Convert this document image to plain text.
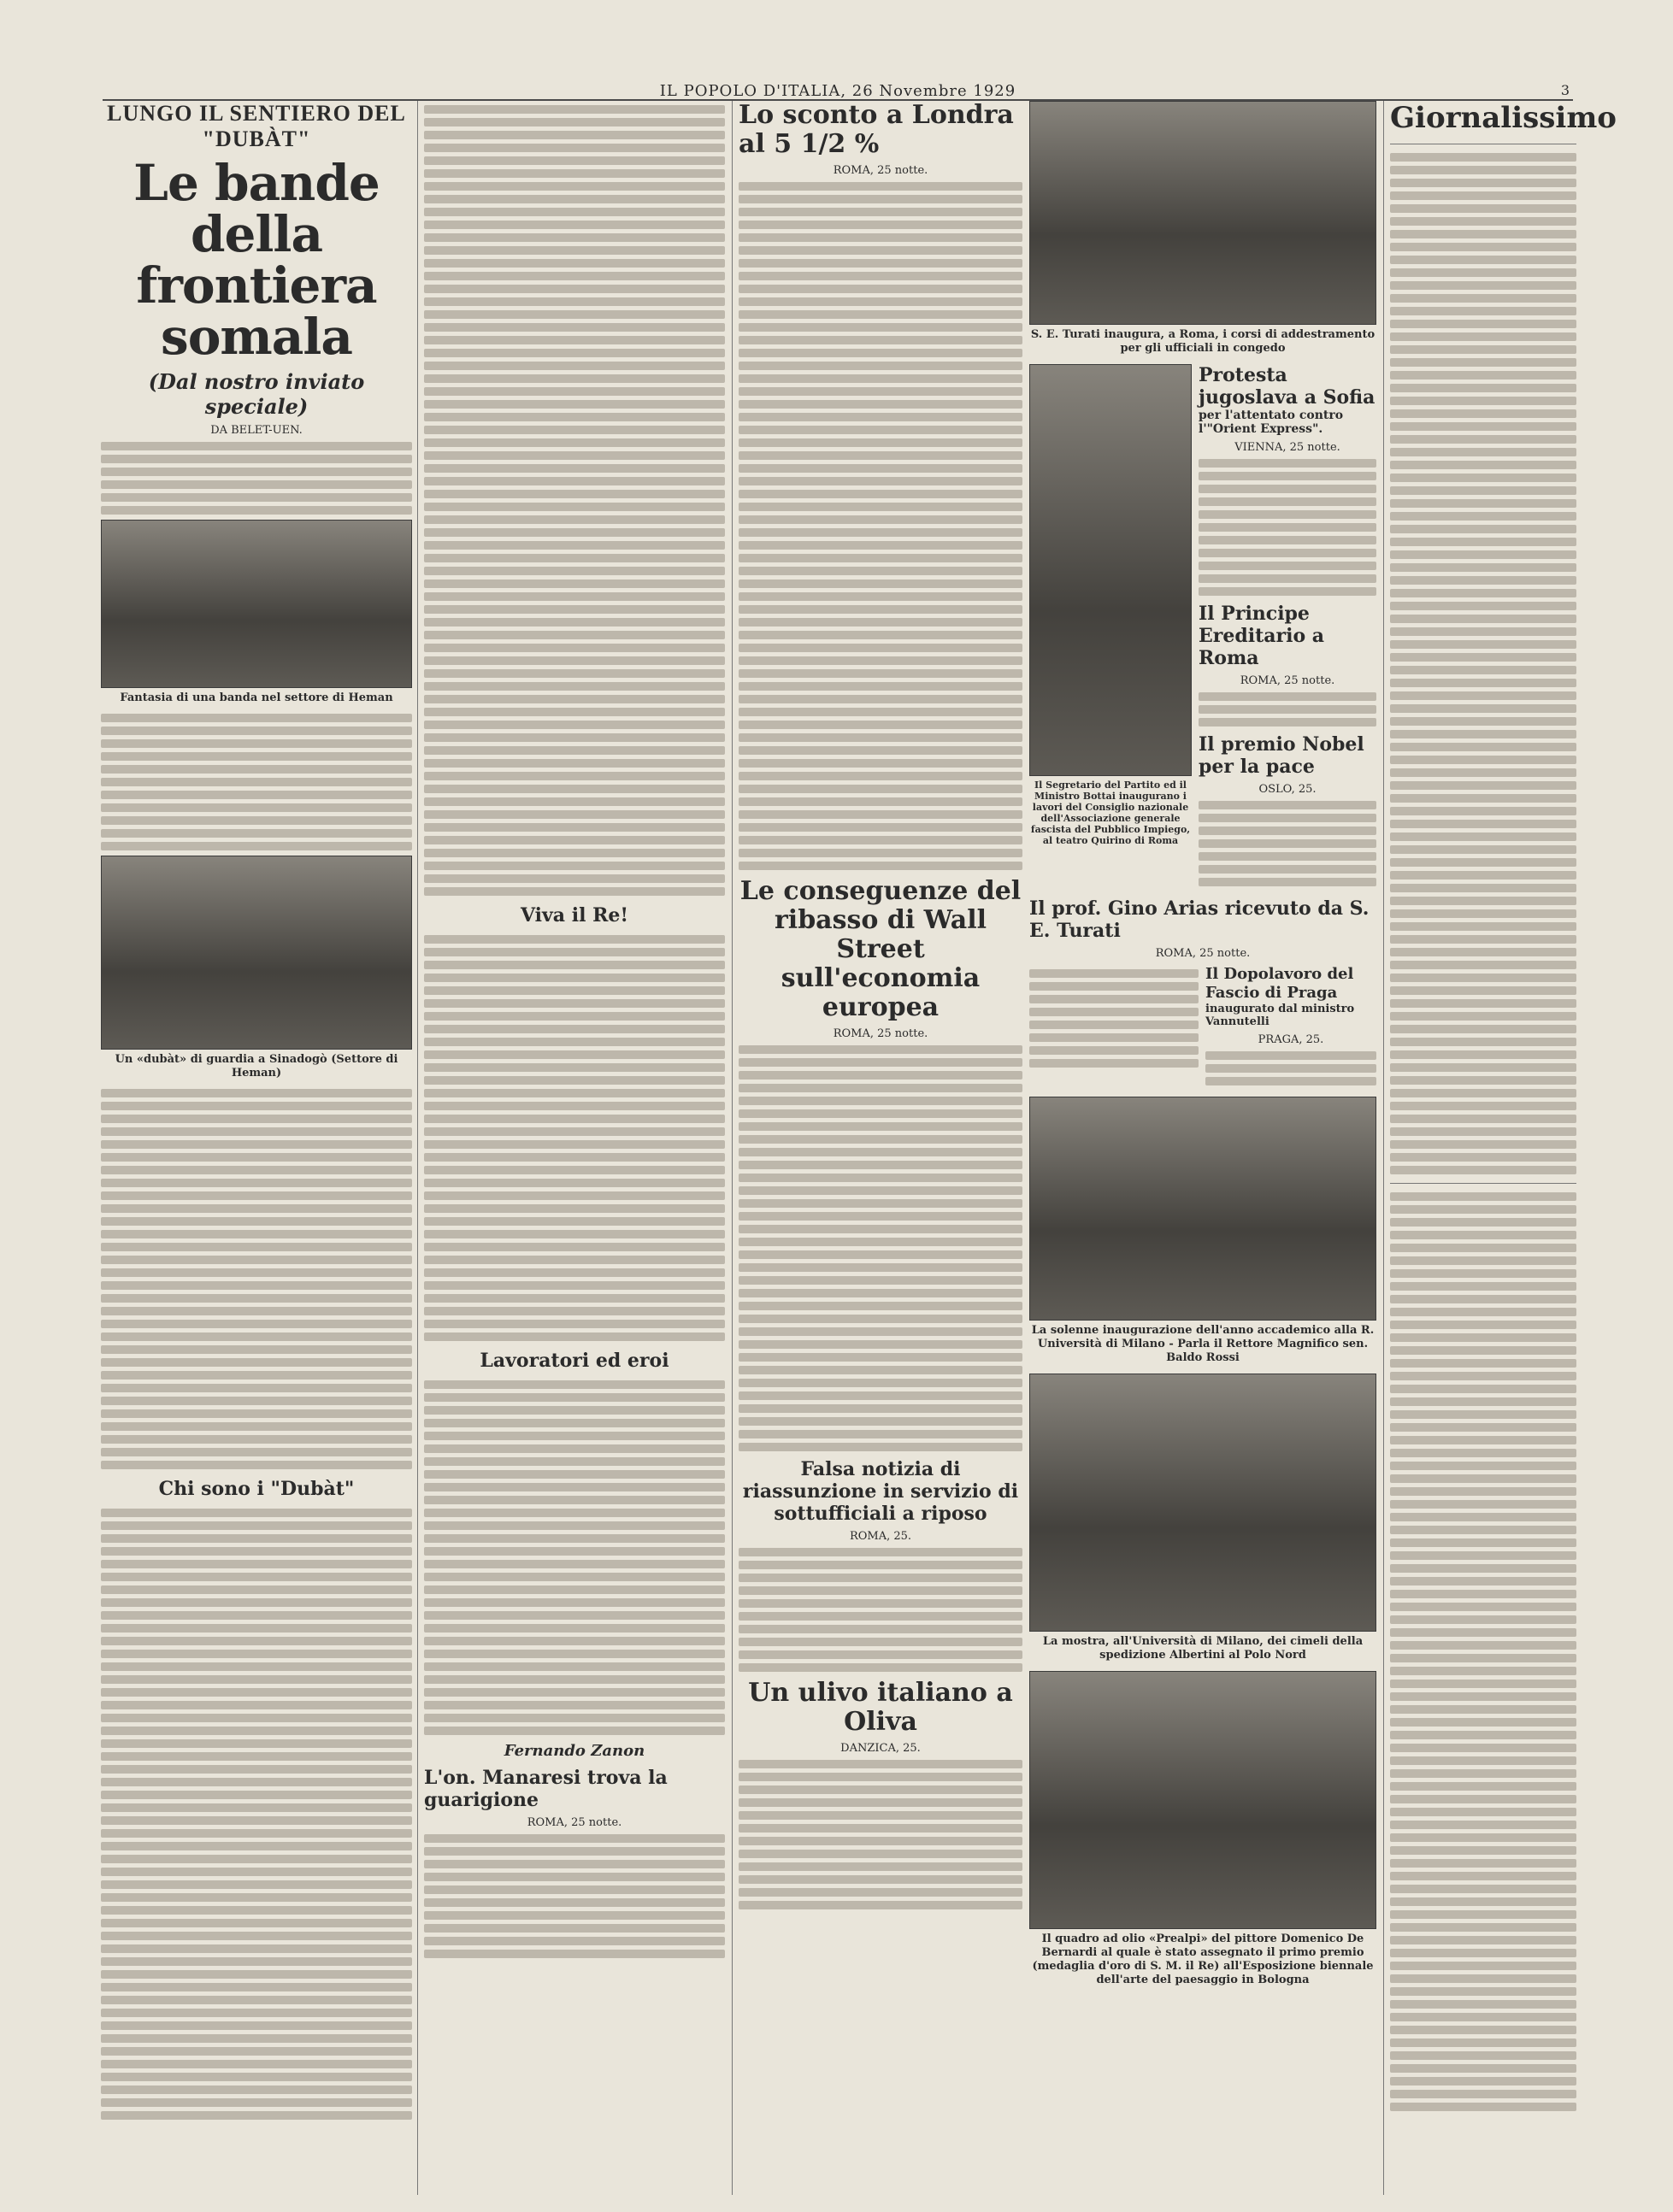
IL POPOLO D'ITALIA, 26 Novembre 1929	3
LUNGO IL SENTIERO DEL "DUBÀT"
Le bande della frontiera somala
(Dal nostro inviato speciale)
DA BELET-UEN.
Fantasia di una banda nel settore di Heman
Un «dubàt» di guardia a Sinadogò (Settore di Heman)
Chi sono i "Dubàt"
Viva il Re!
Lavoratori ed eroi
Fernando Zanon
L'on. Manaresi trova la guarigione
ROMA, 25 notte.
Lo sconto a Londra al 5 1/2 %
ROMA, 25 notte.
Le conseguenze del ribasso di Wall Street sull'economia europea
ROMA, 25 notte.
Falsa notizia di riassunzione in servizio di sottufficiali a riposo
ROMA, 25.
Un ulivo italiano a Oliva
DANZICA, 25.
S. E. Turati inaugura, a Roma, i corsi di addestramento per gli ufficiali in congedo
Il Segretario del Partito ed il Ministro Bottai inaugurano i lavori del Consiglio nazionale dell'Associazione generale fascista del Pubblico Impiego, al teatro Quirino di Roma
Protesta jugoslava a Sofia
per l'attentato contro l'"Orient Express".
VIENNA, 25 notte.
Il Principe Ereditario a Roma
ROMA, 25 notte.
Il premio Nobel per la pace
OSLO, 25.
Il prof. Gino Arias ricevuto da S. E. Turati
ROMA, 25 notte.
Il Dopolavoro del Fascio di Praga
inaugurato dal ministro Vannutelli
PRAGA, 25.
La solenne inaugurazione dell'anno accademico alla R. Università di Milano - Parla il Rettore Magnifico sen. Baldo Rossi
La mostra, all'Università di Milano, dei cimeli della spedizione Albertini al Polo Nord
Il quadro ad olio «Prealpi» del pittore Domenico De Bernardi al quale è stato assegnato il primo premio (medaglia d'oro di S. M. il Re) all'Esposizione biennale dell'arte del paesaggio in Bologna
Giornalissimo
